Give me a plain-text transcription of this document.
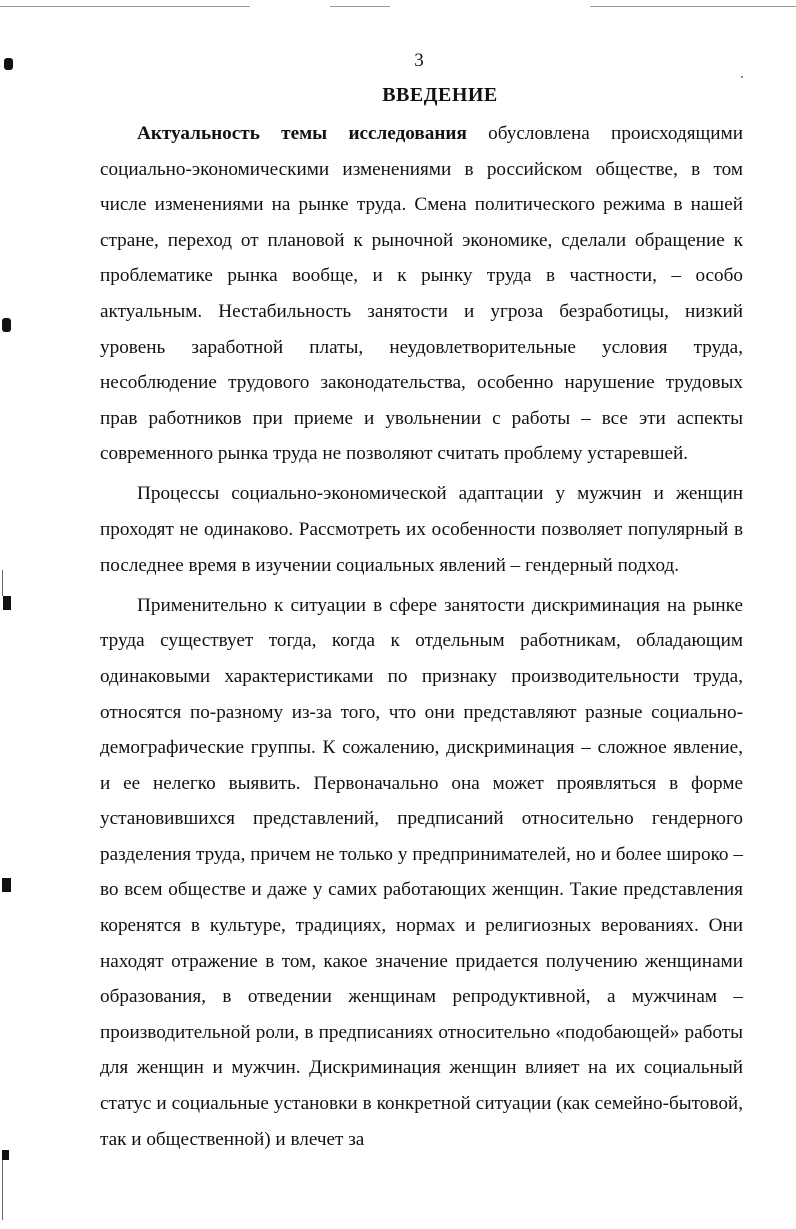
3
ВВЕДЕНИЕ

Актуальность темы исследования обусловлена происходящими социально-экономическими изменениями в российском обществе, в том числе изменениями на рынке труда. Смена политического режима в нашей стране, переход от плановой к рыночной экономике, сделали обращение к проблематике рынка вообще, и к рынку труда в частности, – особо актуальным. Нестабильность занятости и угроза безработицы, низкий уровень заработной платы, неудовлетворительные условия труда, несоблюдение трудового законодательства, особенно нарушение трудовых прав работников при приеме и увольнении с работы – все эти аспекты современного рынка труда не позволяют считать проблему устаревшей.

Процессы социально-экономической адаптации у мужчин и женщин проходят не одинаково. Рассмотреть их особенности позволяет популярный в последнее время в изучении социальных явлений – гендерный подход.

Применительно к ситуации в сфере занятости дискриминация на рынке труда существует тогда, когда к отдельным работникам, обладающим одинаковыми характеристиками по признаку производительности труда, относятся по-разному из-за того, что они представляют разные социально-демографические группы. К сожалению, дискриминация – сложное явление, и ее нелегко выявить. Первоначально она может проявляться в форме установившихся представлений, предписаний относительно гендерного разделения труда, причем не только у предпринимателей, но и более широко – во всем обществе и даже у самих работающих женщин. Такие представления коренятся в культуре, традициях, нормах и религиозных верованиях. Они находят отражение в том, какое значение придается получению женщинами образования, в отведении женщинам репродуктивной, а мужчинам – производительной роли, в предписаниях относительно «подобающей» работы для женщин и мужчин. Дискриминация женщин влияет на их социальный статус и социальные установки в конкретной ситуации (как семейно-бытовой, так и общественной) и влечет за
